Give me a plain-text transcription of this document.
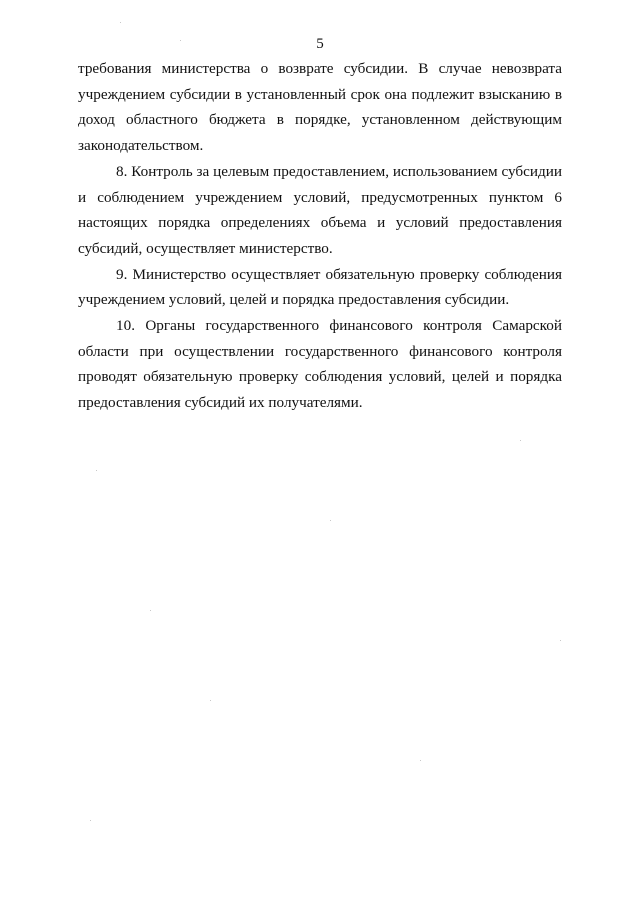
5

требования министерства о возврате субсидии. В случае невозврата учреждением субсидии в установленный срок она подлежит взысканию в доход областного бюджета в порядке, установленном действующим законодательством.

8. Контроль за целевым предоставлением, использованием субсидии и соблюдением учреждением условий, предусмотренных пунктом 6 настоящих порядка определениях объема и условий предоставления субсидий, осуществляет министерство.

9. Министерство осуществляет обязательную проверку соблюдения учреждением условий, целей и порядка предоставления субсидии.

10. Органы государственного финансового контроля Самарской области при осуществлении государственного финансового контроля проводят обязательную проверку соблюдения условий, целей и порядка предоставления субсидий их получателями.
